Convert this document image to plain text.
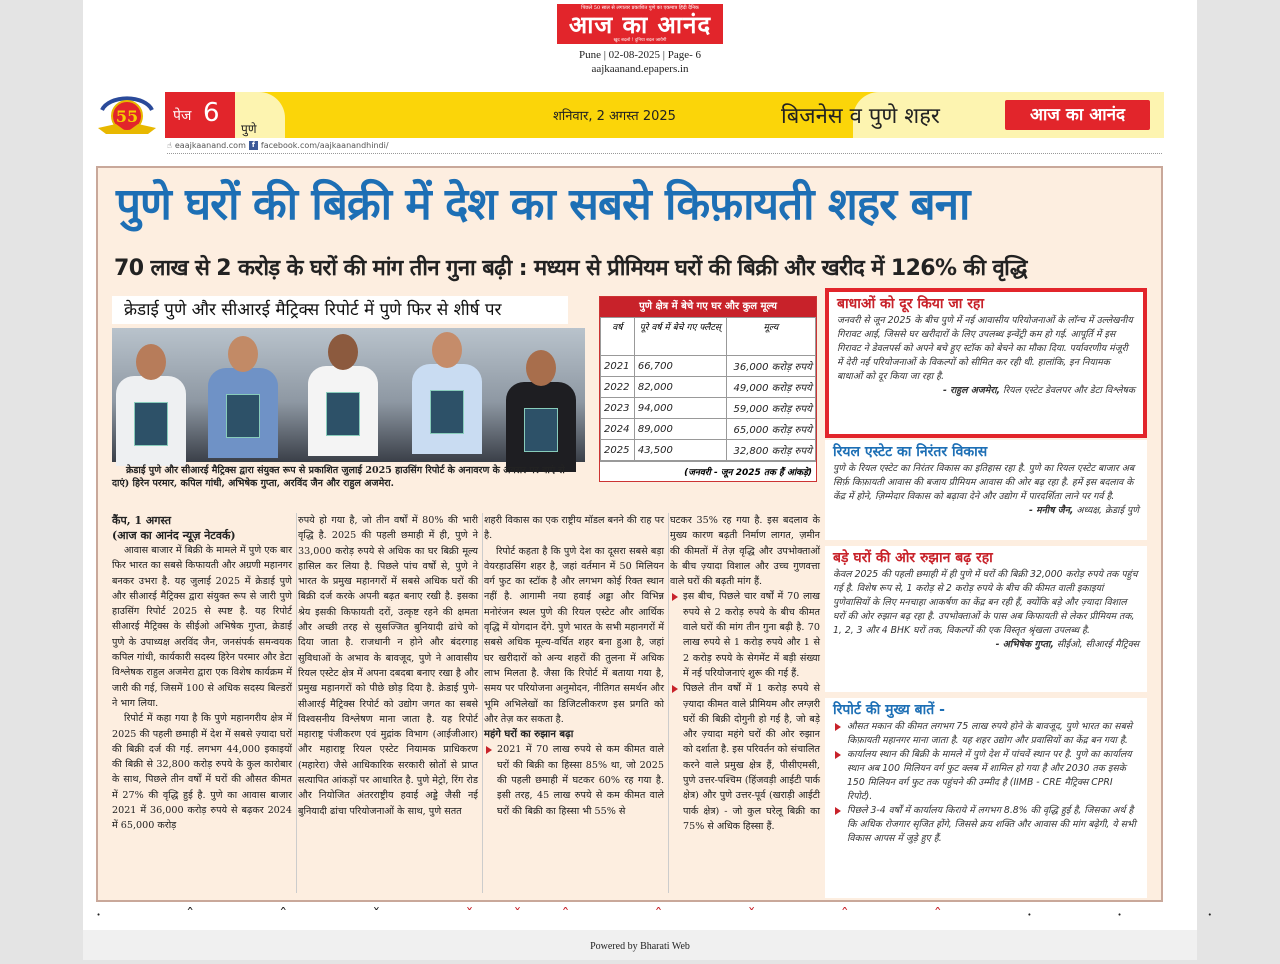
पिछले 50 साल से लगातार प्रकाशित पुणे का एकमात्र हिंदी दैनिक
आज का आनंद
खुद बदलो ! दुनिया बदल जायेगी
Pune | 02-08-2025 | Page- 6
aajkaanand.epapers.in
55 पेज 6
पुणे
शनिवार, 2 अगस्त 2025	बिजनेस व पुणे शहर	आज का आनंद
☝ eaajkaanand.com f facebook.com/aajkaanandhindi/
पुणे घरों की बिक्री में देश का सबसे किफ़ायती शहर बना
70 लाख से 2 करोड़ के घरों की मांग तीन गुना बढ़ी : मध्यम से प्रीमियम घरों की बिक्री और खरीद में 126% की वृद्धि
क्रेडाई पुणे और सीआरई मैट्रिक्स रिपोर्ट में पुणे फिर से शीर्ष पर
क्रेडाई पुणे और सीआरई मैट्रिक्स द्वारा संयुक्त रूप से प्रकाशित जुलाई 2025 हाउसिंग रिपोर्ट के अनावरण के अवसर पर बाएं से दाएं) हिरेन परमार, कपिल गांधी, अभिषेक गुप्ता, अरविंद जैन और राहुल अजमेरा.
पुणे क्षेत्र में बेचे गए घर और कुल मूल्य
वर्ष	पूरे वर्ष में बेचे गए फ्लैटस्	मूल्य
2021	66,700	36,000 करोड़ रुपये
2022	82,000	49,000 करोड़ रुपये
2023	94,000	59,000 करोड़ रुपये
2024	89,000	65,000 करोड़ रुपये
2025	43,500	32,800 करोड़ रुपये
(जनवरी - जून 2025 तक हैं आंकड़े)
कैंप, 1 अगस्त
(आज का आनंद न्यूज़ नेटवर्क)

आवास बाजार में बिक्री के मामले में पुणे एक बार फिर भारत का सबसे किफायती और अग्रणी महानगर बनकर उभरा है. यह जुलाई 2025 में क्रेडाई पुणे और सीआरई मैट्रिक्स द्वारा संयुक्त रूप से जारी पुणे हाउसिंग रिपोर्ट 2025 से स्पष्ट है. यह रिपोर्ट सीआरई मैट्रिक्स के सीईओ अभिषेक गुप्ता, क्रेडाई पुणे के उपाध्यक्ष अरविंद जैन, जनसंपर्क समन्वयक कपिल गांधी, कार्यकारी सदस्य हिरेन परमार और डेटा विश्लेषक राहुल अजमेरा द्वारा एक विशेष कार्यक्रम में जारी की गई, जिसमें 100 से अधिक सदस्य बिल्डरों ने भाग लिया.

रिपोर्ट में कहा गया है कि पुणे महानगरीय क्षेत्र में 2025 की पहली छमाही में देश में सबसे ज़्यादा घरों की बिक्री दर्ज की गई. लगभग 44,000 इकाइयों की बिक्री से 32,800 करोड़ रुपये के कुल कारोबार के साथ, पिछले तीन वर्षों में घरों की औसत कीमत में 27% की वृद्धि हुई है. पुणे का आवास बाजार 2021 में 36,000 करोड़ रुपये से बढ़कर 2024 में 65,000 करोड़

रुपये हो गया है, जो तीन वर्षों में 80% की भारी वृद्धि है. 2025 की पहली छमाही में ही, पुणे ने 33,000 करोड़ रुपये से अधिक का घर बिक्री मूल्य हासिल कर लिया है. पिछले पांच वर्षों से, पुणे ने भारत के प्रमुख महानगरों में सबसे अधिक घरों की बिक्री दर्ज करके अपनी बढ़त बनाए रखी है. इसका श्रेय इसकी किफायती दरों, उत्कृष्ट रहने की क्षमता और अच्छी तरह से सुसज्जित बुनियादी ढांचे को दिया जाता है. राजधानी न होने और बंदरगाह सुविधाओं के अभाव के बावजूद, पुणे ने आवासीय रियल एस्टेट क्षेत्र में अपना दबदबा बनाए रखा है और प्रमुख महानगरों को पीछे छोड़ दिया है. क्रेडाई पुणे-सीआरई मैट्रिक्स रिपोर्ट को उद्योग जगत का सबसे विश्वसनीय विश्लेषण माना जाता है. यह रिपोर्ट महाराष्ट्र पंजीकरण एवं मुद्रांक विभाग (आईजीआर) और महाराष्ट्र रियल एस्टेट नियामक प्राधिकरण (महारेरा) जैसे आधिकारिक सरकारी स्रोतों से प्राप्त सत्यापित आंकड़ों पर आधारित है. पुणे मेट्रो, रिंग रोड और नियोजित अंतरराष्ट्रीय हवाई अड्डे जैसी नई बुनियादी ढांचा परियोजनाओं के साथ, पुणे सतत

शहरी विकास का एक राष्ट्रीय मॉडल बनने की राह पर है.

रिपोर्ट कहता है कि पुणे देश का दूसरा सबसे बड़ा वेयरहाउसिंग शहर है, जहां वर्तमान में 50 मिलियन वर्ग फुट का स्टॉक है और लगभग कोई रिक्त स्थान नहीं है. आगामी नया हवाई अड्डा और विभिन्न मनोरंजन स्थल पुणे की रियल एस्टेट और आर्थिक वृद्धि में योगदान देंगे. पुणे भारत के सभी महानगरों में सबसे अधिक मूल्य-वर्धित शहर बना हुआ है, जहां घर खरीदारों को अन्य शहरों की तुलना में अधिक लाभ मिलता है. जैसा कि रिपोर्ट में बताया गया है, समय पर परियोजना अनुमोदन, नीतिगत समर्थन और भूमि अभिलेखों का डिजिटलीकरण इस प्रगति को और तेज़ कर सकता है.

महंगे घरों का रुझान बढ़ा
2021 में 70 लाख रुपये से कम कीमत वाले घरों की बिक्री का हिस्सा 85% था, जो 2025 की पहली छमाही में घटकर 60% रह गया है. इसी तरह, 45 लाख रुपये से कम कीमत वाले घरों की बिक्री का हिस्सा भी 55% से

घटकर 35% रह गया है. इस बदलाव के मुख्य कारण बढ़ती निर्माण लागत, ज़मीन की कीमतों में तेज़ वृद्धि और उपभोक्ताओं के बीच ज़्यादा विशाल और उच्च गुणवत्ता वाले घरों की बढ़ती मांग हैं.

इस बीच, पिछले चार वर्षों में 70 लाख रुपये से 2 करोड़ रुपये के बीच कीमत वाले घरों की मांग तीन गुना बढ़ी है. 70 लाख रुपये से 1 करोड़ रुपये और 1 से 2 करोड़ रुपये के सेगमेंट में बड़ी संख्या में नई परियोजनाएं शुरू की गई हैं.
पिछले तीन वर्षों में 1 करोड़ रुपये से ज़्यादा कीमत वाले प्रीमियम और लग्ज़री घरों की बिक्री दोगुनी हो गई है, जो बड़े और ज़्यादा महंगे घरों की ओर रुझान को दर्शाता है. इस परिवर्तन को संचालित करने वाले प्रमुख क्षेत्र हैं, पीसीएमसी, पुणे उत्तर-पश्चिम (हिंजवड़ी आईटी पार्क क्षेत्र) और पुणे उत्तर-पूर्व (खराड़ी आईटी पार्क क्षेत्र) - जो कुल घरेलू बिक्री का 75% से अधिक हिस्सा हैं.
बाधाओं को दूर किया जा रहा
जनवरी से जून 2025 के बीच पुणे में नई आवासीय परियोजनाओं के लॉन्च में उल्लेखनीय गिरावट आई, जिससे घर खरीदारों के लिए उपलब्ध इन्वेंट्री कम हो गई. आपूर्ति में इस गिरावट ने डेवलपर्स को अपने बचे हुए स्टॉक को बेचने का मौका दिया. पर्यावरणीय मंजूरी में देरी नई परियोजनाओं के विकल्पों को सीमित कर रही थी. हालांकि, इन नियामक बाधाओं को दूर किया जा रहा है.
- राहुल अजमेरा, रियल एस्टेट डेवलपर और डेटा विश्लेषक
रियल एस्टेट का निरंतर विकास
पुणे के रियल एस्टेट का निरंतर विकास का इतिहास रहा है. पुणे का रियल एस्टेट बाजार अब सिर्फ़ किफ़ायती आवास की बजाय प्रीमियम आवास की ओर बढ़ रहा है. हमें इस बदलाव के केंद्र में होने, ज़िम्मेदार विकास को बढ़ावा देने और उद्योग में पारदर्शिता लाने पर गर्व है.
- मनीष जैन, अध्यक्ष, क्रेडाई पुणे
बड़े घरों की ओर रुझान बढ़ रहा
केवल 2025 की पहली छमाही में ही पुणे में घरों की बिक्री 32,000 करोड़ रुपये तक पहुंच गई है. विशेष रूप से, 1 करोड़ से 2 करोड़ रुपये के बीच की कीमत वाली इकाइयां पुणेवासियों के लिए मनचाहा आकर्षण का केंद्र बन रही हैं, क्योंकि बड़े और ज़्यादा विशाल घरों की ओर रुझान बढ़ रहा है. उपभोक्ताओं के पास अब किफायती से लेकर प्रीमियम तक, 1, 2, 3 और 4 BHK घरों तक, विकल्पों की एक विस्तृत श्रृंखला उपलब्ध है.
- अभिषेक गुप्ता, सीईओ, सीआरई मैट्रिक्स
रिपोर्ट की मुख्य बातें -
औसत मकान की कीमत लगभग 75 लाख रुपये होने के बावजूद, पुणे भारत का सबसे किफ़ायती महानगर माना जाता है. यह शहर उद्योग और प्रवासियों का केंद्र बन गया है.
कार्यालय स्थान की बिक्री के मामले में पुणे देश में पांचवें स्थान पर है. पुणे का कार्यालय स्थान अब 100 मिलियन वर्ग फुट क्लब में शामिल हो गया है और 2030 तक इसके 150 मिलियन वर्ग फुट तक पहुंचने की उम्मीद है (IIMB - CRE मैट्रिक्स CPRI रिपोर्ट).
पिछले 3-4 वर्षों में कार्यालय किराये में लगभग 8.8% की वृद्धि हुई है, जिसका अर्थ है कि अधिक रोजगार सृजित होंगे, जिससे क्रय शक्ति और आवास की मांग बढ़ेगी, ये सभी विकास आपस में जुड़े हुए हैं.
· ˆ ˆ ˇ ˇˇˆ ˆ ˇ ˆ ˆ · · ·
Powered by Bharati Web
